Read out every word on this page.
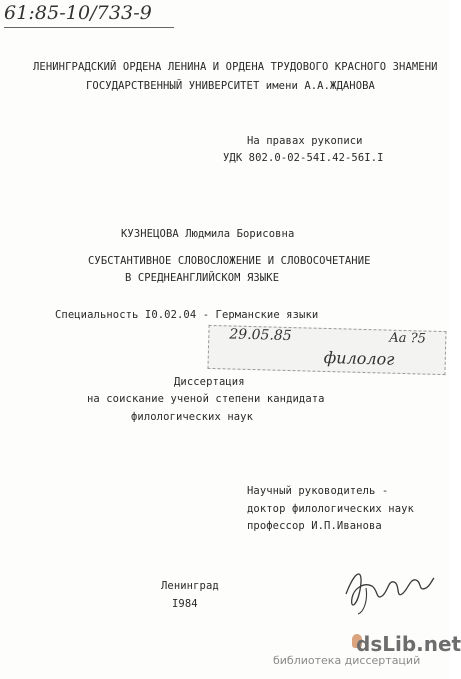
61:85-10/733-9
ЛЕНИНГРАДСКИЙ ОРДЕНА ЛЕНИНА И ОРДЕНА ТРУДОВОГО КРАСНОГО ЗНАМЕНИ
ГОСУДАРСТВЕННЫЙ УНИВЕРСИТЕТ имени А.А.ЖДАНОВА
На правах рукописи
УДК 802.0-02-54I.42-56I.I
КУЗНЕЦОВА Людмила Борисовна
СУБСТАНТИВНОЕ СЛОВОСЛОЖЕНИЕ И СЛОВОСОЧЕТАНИЕ
В СРЕДНЕАНГЛИЙСКОМ ЯЗЫКЕ
Специальность I0.02.04 - Германские языки
29.05.85	Aa ?5
филолог
Диссертация
на соискание ученой степени кандидата
филологических наук
Научный руководитель -
доктор филологических наук
профессор И.П.Иванова
Ленинград
I984
dsLib.net
библиотека диссертаций
